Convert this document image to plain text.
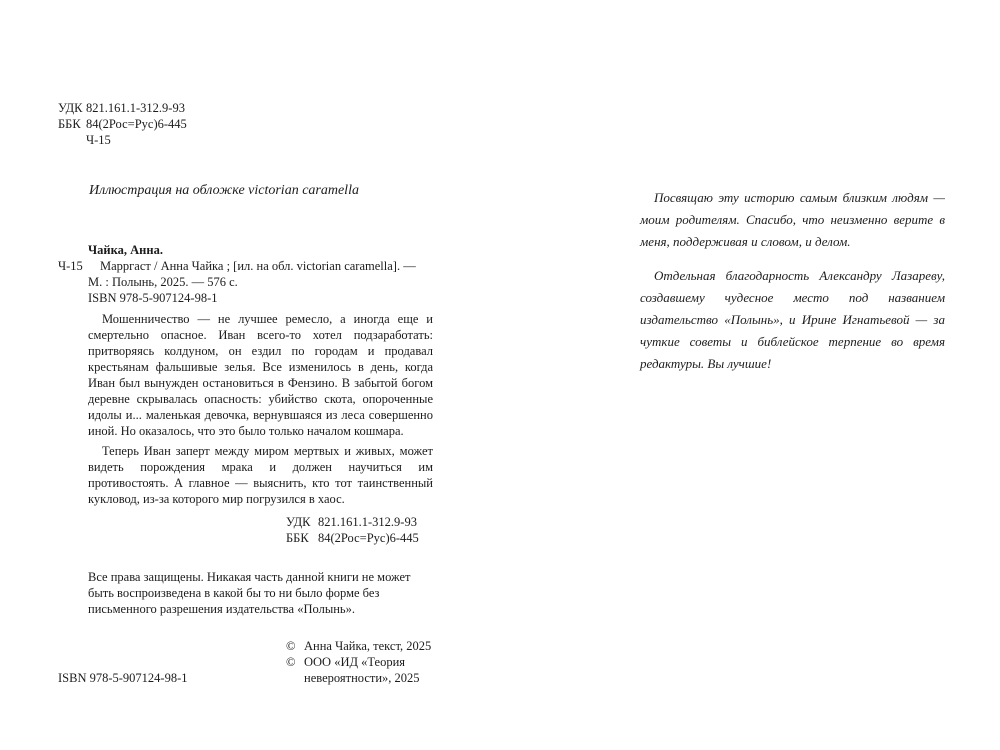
УДК 821.161.1-312.9-93
ББК 84(2Рос=Рус)6-445
Ч-15
Иллюстрация на обложке victorian caramella
Чайка, Анна.
Ч-15	Марргаст / Анна Чайка ; [ил. на обл. victorian caramella]. —
М. : Полынь, 2025. — 576 с.
ISBN 978-5-907124-98-1

Мошенничество — не лучшее ремесло, а иногда еще и смертельно опасное. Иван всего-то хотел подзаработать: притворяясь колдуном, он ездил по городам и продавал крестьянам фальшивые зелья. Все изменилось в день, когда Иван был вынужден остановиться в Фензино. В забытой богом деревне скрывалась опасность: убийство скота, опороченные идолы и... маленькая девочка, вернувшаяся из леса совершенно иной. Но оказалось, что это было только началом кошмара.

Теперь Иван заперт между миром мертвых и живых, может видеть порождения мрака и должен научиться им противостоять. А главное — выяснить, кто тот таинственный кукловод, из-за которого мир погрузился в хаос.

УДК 821.161.1-312.9-93
ББК 84(2Рос=Рус)6-445
Все права защищены. Никакая часть данной книги не может быть воспроизведена в какой бы то ни было форме без письменного разрешения издательства «Полынь».
© Анна Чайка, текст, 2025
© ООО «ИД «Теория невероятности», 2025
ISBN 978-5-907124-98-1

Посвящаю эту историю самым близким людям — моим родителям. Спасибо, что неизменно верите в меня, поддерживая и словом, и делом.

Отдельная благодарность Александру Лазареву, создавшему чудесное место под названием издательство «Полынь», и Ирине Игнатьевой — за чуткие советы и библейское терпение во время редактуры. Вы лучшие!
